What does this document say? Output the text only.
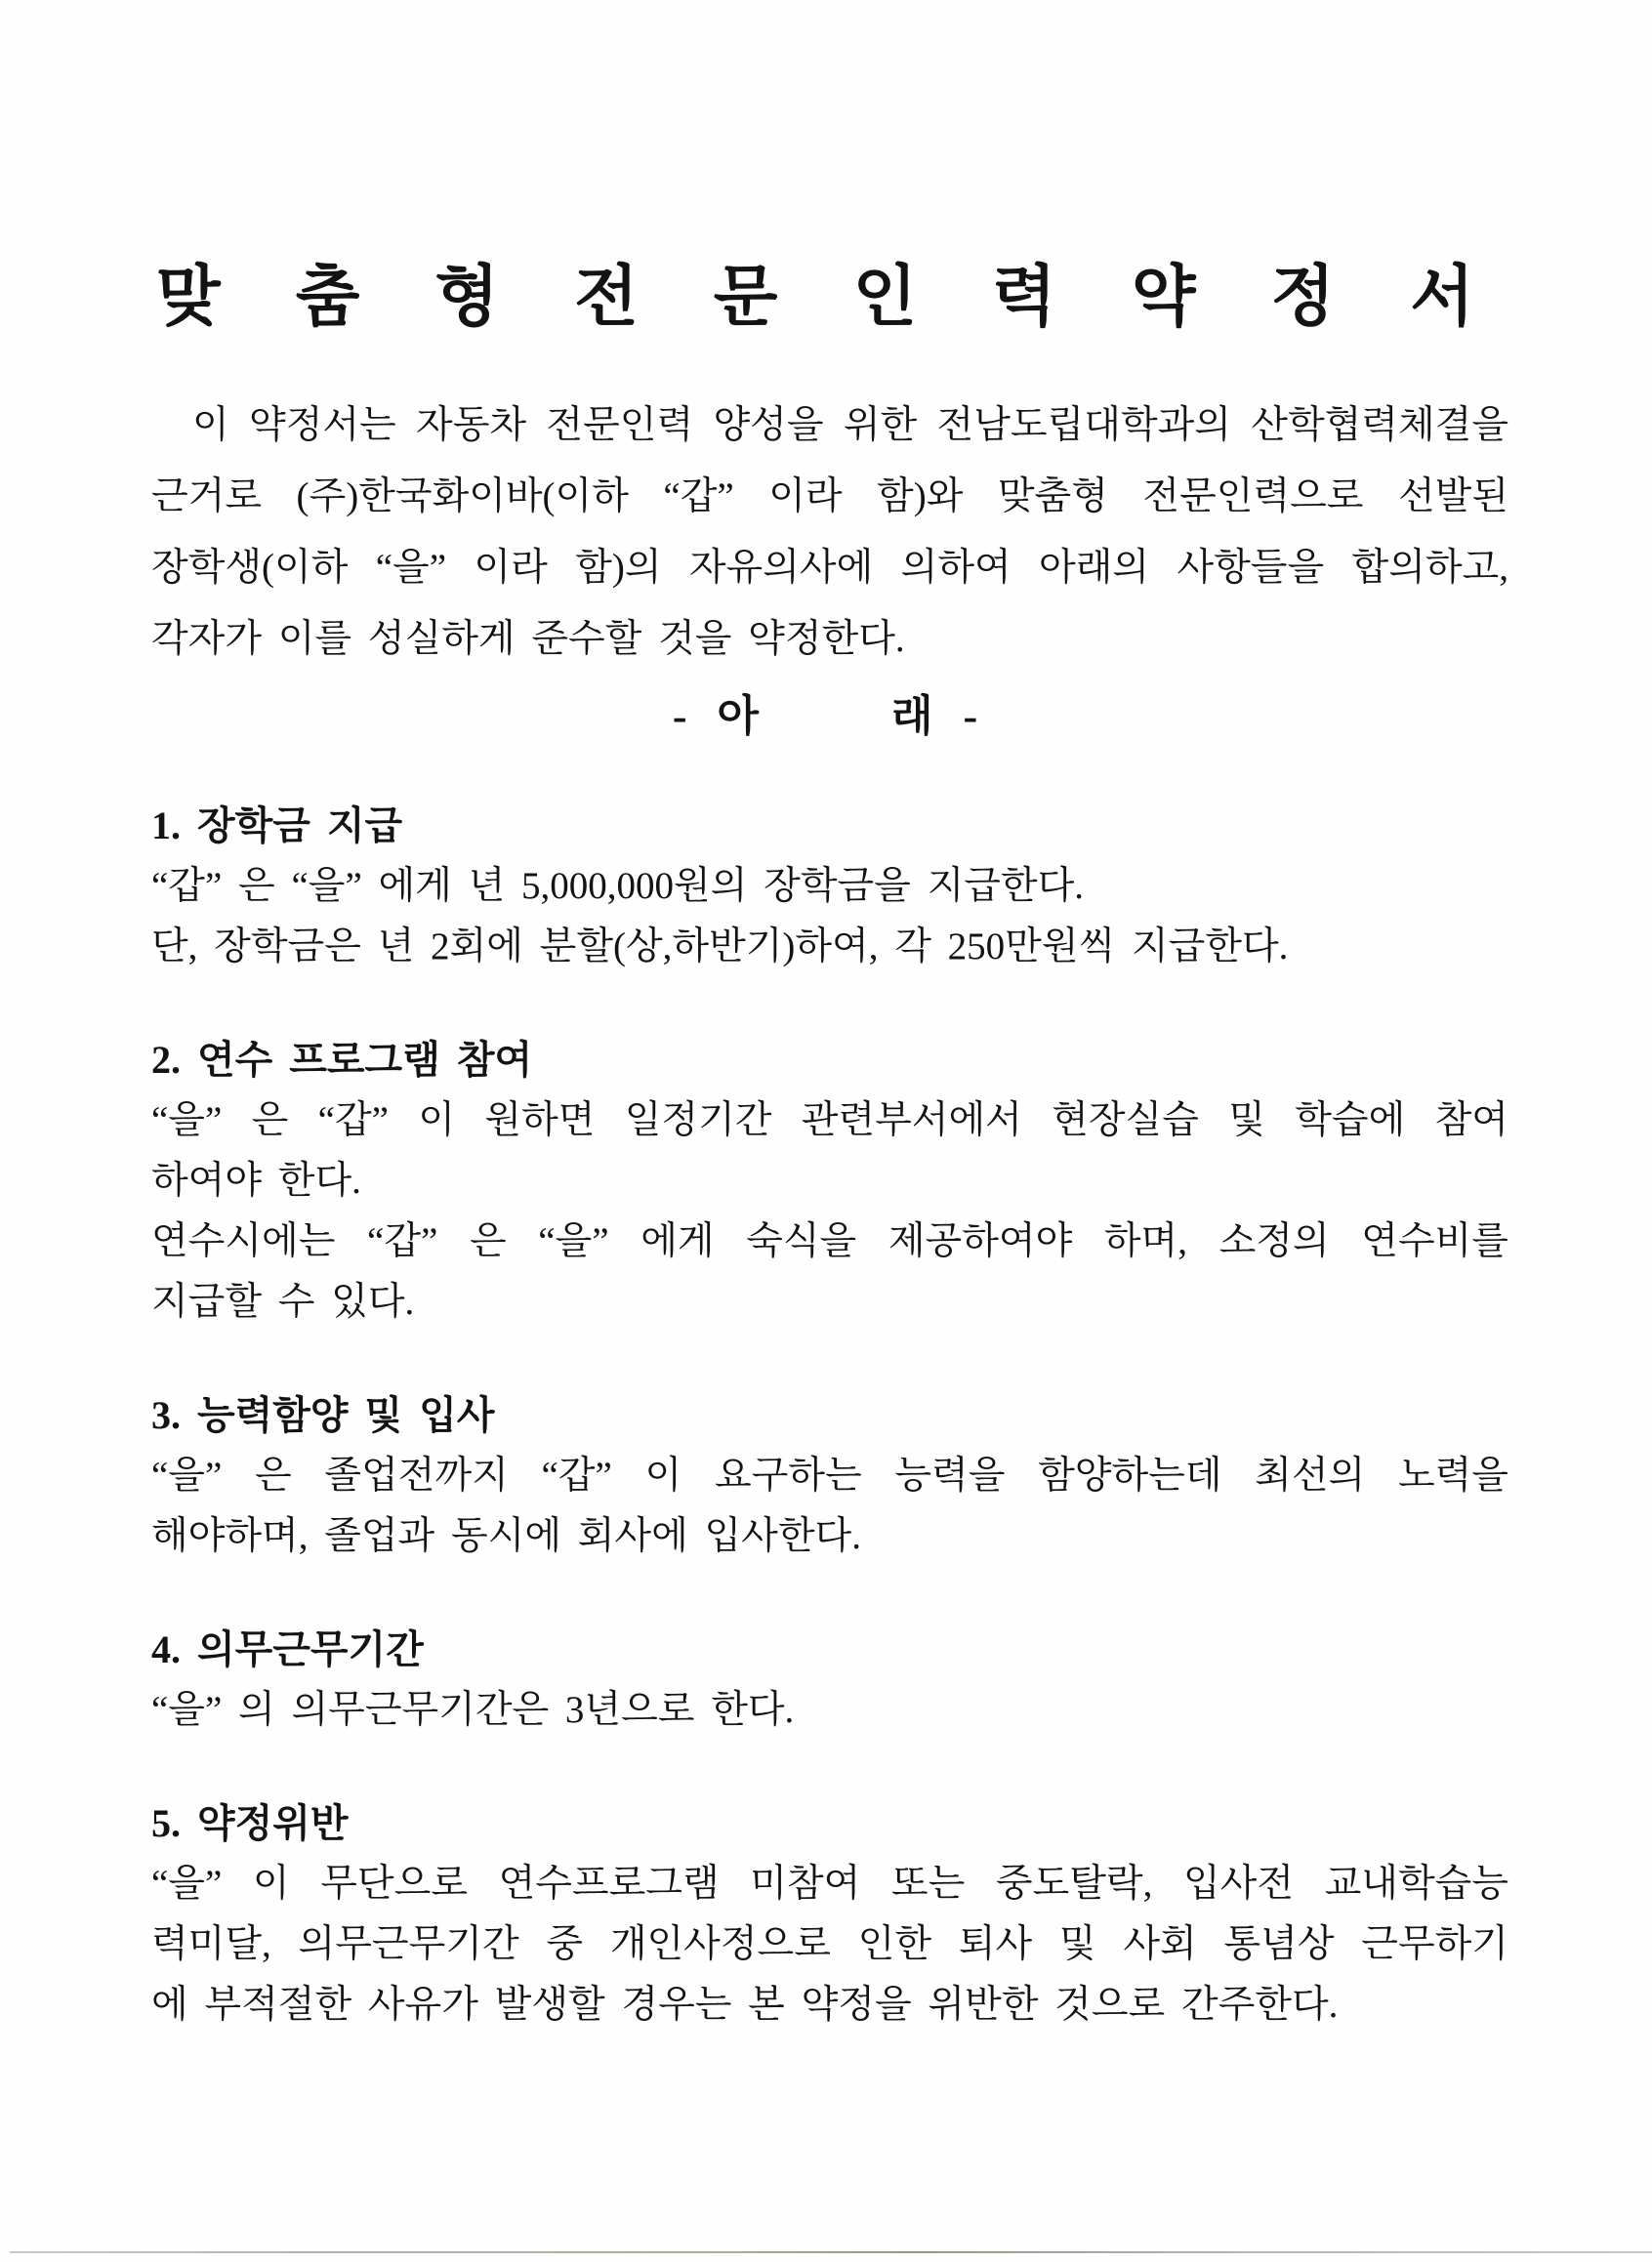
맞 춤 형 전 문 인 력 약 정 서
이 약정서는 자동차 전문인력 양성을 위한 전남도립대학과의 산학협력체결을
근거로 (주)한국화이바(이하 “갑” 이라 함)와 맞춤형 전문인력으로 선발된
장학생(이하 “을” 이라 함)의 자유의사에 의하여 아래의 사항들을 합의하고,
각자가 이를 성실하게 준수할 것을 약정한다.
- 아      래 -
1. 장학금 지급
“갑” 은 “을” 에게 년 5,000,000원의 장학금을 지급한다.
단, 장학금은 년 2회에 분할(상,하반기)하여, 각 250만원씩 지급한다.
2. 연수 프로그램 참여
“을” 은 “갑” 이 원하면 일정기간 관련부서에서 현장실습 및 학습에 참여
하여야 한다.
연수시에는 “갑” 은 “을” 에게 숙식을 제공하여야 하며, 소정의 연수비를
지급할 수 있다.
3. 능력함양 및 입사
“을” 은 졸업전까지 “갑” 이 요구하는 능력을 함양하는데 최선의 노력을
해야하며, 졸업과 동시에 회사에 입사한다.
4. 의무근무기간
“을” 의 의무근무기간은 3년으로 한다.
5. 약정위반
“을” 이 무단으로 연수프로그램 미참여 또는 중도탈락, 입사전 교내학습능
력미달, 의무근무기간 중 개인사정으로 인한 퇴사 및 사회 통념상 근무하기
에 부적절한 사유가 발생할 경우는 본 약정을 위반한 것으로 간주한다.
